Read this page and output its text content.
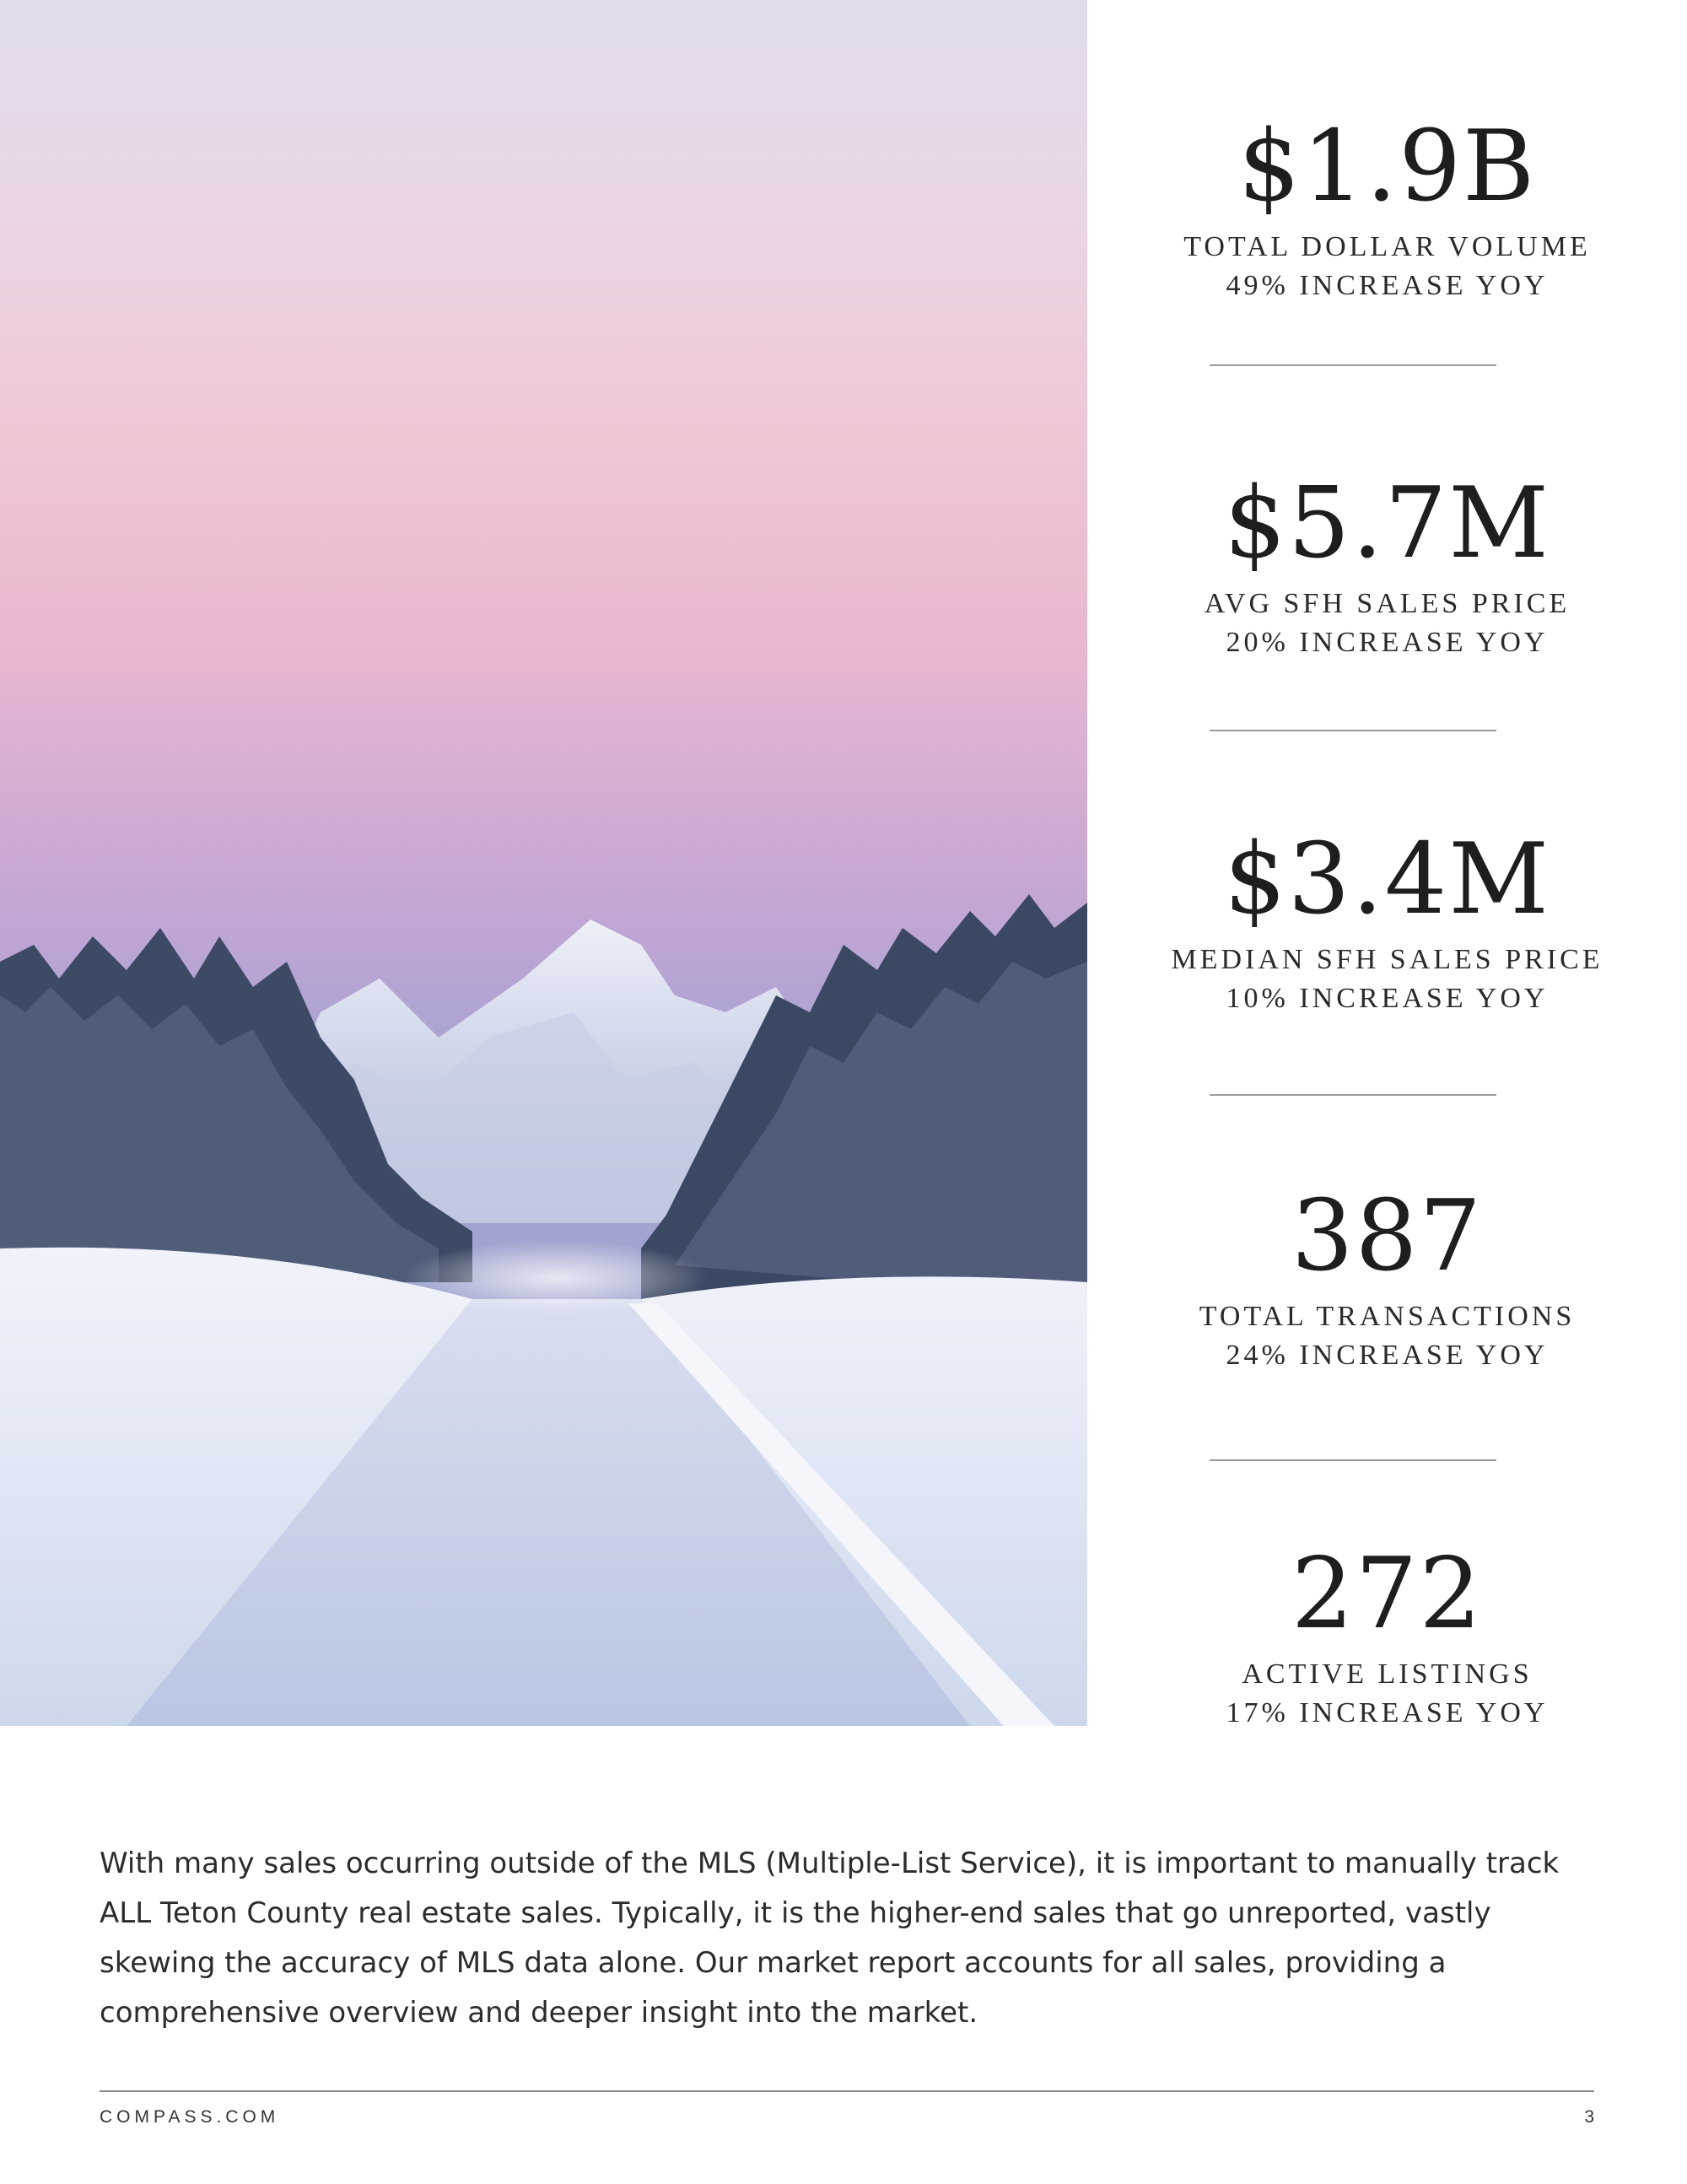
$1.9B
TOTAL DOLLAR VOLUME
49% INCREASE YOY
$5.7M
AVG SFH SALES PRICE
20% INCREASE YOY
$3.4M
MEDIAN SFH SALES PRICE
10% INCREASE YOY
387
TOTAL TRANSACTIONS
24% INCREASE YOY
272
ACTIVE LISTINGS
17% INCREASE YOY

With many sales occurring outside of the MLS (Multiple-List Service), it is important to manually track ALL Teton County real estate sales. Typically, it is the higher-end sales that go unreported, vastly skewing the accuracy of MLS data alone. Our market report accounts for all sales, providing a comprehensive overview and deeper insight into the market.

COMPASS.COM	3
